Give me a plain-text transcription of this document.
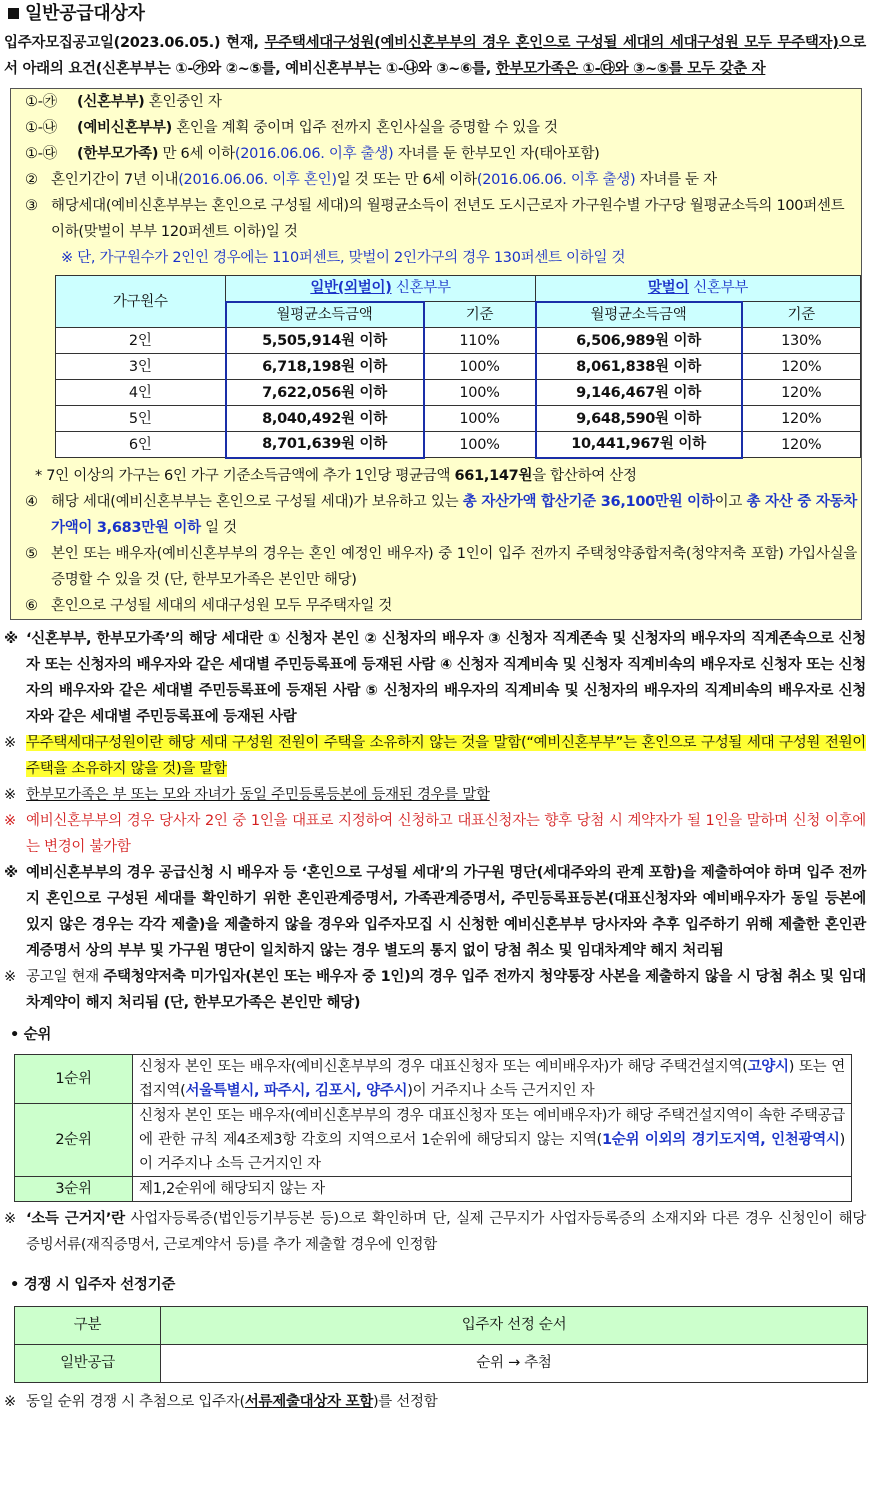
일반공급대상자
입주자모집공고일(2023.06.05.) 현재, 무주택세대구성원(예비신혼부부의 경우 혼인으로 구성될 세대의 세대구성원 모두 무주택자)으로서 아래의 요건(신혼부부는 ①-㉮와 ②~⑤를, 예비신혼부부는 ①-㉯와 ③~⑥를, 한부모가족은 ①-㉰와 ③~⑤를 모두 갖춘 자
①-㉮	(신혼부부) 혼인중인 자
①-㉯	(예비신혼부부) 혼인을 계획 중이며 입주 전까지 혼인사실을 증명할 수 있을 것
①-㉰	(한부모가족) 만 6세 이하(2016.06.06. 이후 출생) 자녀를 둔 한부모인 자(태아포함)
② 혼인기간이 7년 이내(2016.06.06. 이후 혼인)일 것 또는 만 6세 이하(2016.06.06. 이후 출생) 자녀를 둔 자
③ 해당세대(예비신혼부부는 혼인으로 구성될 세대)의 월평균소득이 전년도 도시근로자 가구원수별 가구당 월평균소득의 100퍼센트 이하(맞벌이 부부 120퍼센트 이하)일 것
※ 단, 가구원수가 2인인 경우에는 110퍼센트, 맞벌이 2인가구의 경우 130퍼센트 이하일 것
가구원수	일반(외벌이) 신혼부부		맞벌이 신혼부부	
	월평균소득금액	기준	월평균소득금액	기준
2인	5,505,914원 이하	110%	6,506,989원 이하	130%
3인	6,718,198원 이하	100%	8,061,838원 이하	120%
4인	7,622,056원 이하	100%	9,146,467원 이하	120%
5인	8,040,492원 이하	100%	9,648,590원 이하	120%
6인	8,701,639원 이하	100%	10,441,967원 이하	120%
* 7인 이상의 가구는 6인 가구 기준소득금액에 추가 1인당 평균금액 661,147원을 합산하여 산정
④ 해당 세대(예비신혼부부는 혼인으로 구성될 세대)가 보유하고 있는 총 자산가액 합산기준 36,100만원 이하이고 총 자산 중 자동차가액이 3,683만원 이하 일 것
⑤ 본인 또는 배우자(예비신혼부부의 경우는 혼인 예정인 배우자) 중 1인이 입주 전까지 주택청약종합저축(청약저축 포함) 가입사실을 증명할 수 있을 것 (단, 한부모가족은 본인만 해당)
⑥ 혼인으로 구성될 세대의 세대구성원 모두 무주택자일 것
※ ‘신혼부부, 한부모가족’의 해당 세대란 ① 신청자 본인 ② 신청자의 배우자 ③ 신청자 직계존속 및 신청자의 배우자의 직계존속으로 신청자 또는 신청자의 배우자와 같은 세대별 주민등록표에 등재된 사람 ④ 신청자 직계비속 및 신청자 직계비속의 배우자로 신청자 또는 신청자의 배우자와 같은 세대별 주민등록표에 등재된 사람 ⑤ 신청자의 배우자의 직계비속 및 신청자의 배우자의 직계비속의 배우자로 신청자와 같은 세대별 주민등록표에 등재된 사람
※ 무주택세대구성원이란 해당 세대 구성원 전원이 주택을 소유하지 않는 것을 말함(“예비신혼부부”는 혼인으로 구성될 세대 구성원 전원이 주택을 소유하지 않을 것)을 말함
※ 한부모가족은 부 또는 모와 자녀가 동일 주민등록등본에 등재된 경우를 말함
※ 예비신혼부부의 경우 당사자 2인 중 1인을 대표로 지정하여 신청하고 대표신청자는 향후 당첨 시 계약자가 될 1인을 말하며 신청 이후에는 변경이 불가함
※ 예비신혼부부의 경우 공급신청 시 배우자 등 ‘혼인으로 구성될 세대’의 가구원 명단(세대주와의 관계 포함)을 제출하여야 하며 입주 전까지 혼인으로 구성된 세대를 확인하기 위한 혼인관계증명서, 가족관계증명서, 주민등록표등본(대표신청자와 예비배우자가 동일 등본에 있지 않은 경우는 각각 제출)을 제출하지 않을 경우와 입주자모집 시 신청한 예비신혼부부 당사자와 추후 입주하기 위해 제출한 혼인관계증명서 상의 부부 및 가구원 명단이 일치하지 않는 경우 별도의 통지 없이 당첨 취소 및 임대차계약 해지 처리됨
※ 공고일 현재 주택청약저축 미가입자(본인 또는 배우자 중 1인)의 경우 입주 전까지 청약통장 사본을 제출하지 않을 시 당첨 취소 및 임대차계약이 해지 처리됨 (단, 한부모가족은 본인만 해당)
• 순위
1순위	신청자 본인 또는 배우자(예비신혼부부의 경우 대표신청자 또는 예비배우자)가 해당 주택건설지역(고양시) 또는 연접지역(서울특별시, 파주시, 김포시, 양주시)이 거주지나 소득 근거지인 자
2순위	신청자 본인 또는 배우자(예비신혼부부의 경우 대표신청자 또는 예비배우자)가 해당 주택건설지역이 속한 주택공급에 관한 규칙 제4조제3항 각호의 지역으로서 1순위에 해당되지 않는 지역(1순위 이외의 경기도지역, 인천광역시)이 거주지나 소득 근거지인 자
3순위	제1,2순위에 해당되지 않는 자
※ ‘소득 근거지’란 사업자등록증(법인등기부등본 등)으로 확인하며 단, 실제 근무지가 사업자등록증의 소재지와 다른 경우 신청인이 해당 증빙서류(재직증명서, 근로계약서 등)를 추가 제출할 경우에 인정함
• 경쟁 시 입주자 선정기준
구분	입주자 선정 순서
일반공급	순위 → 추첨
※ 동일 순위 경쟁 시 추첨으로 입주자(서류제출대상자 포함)를 선정함
